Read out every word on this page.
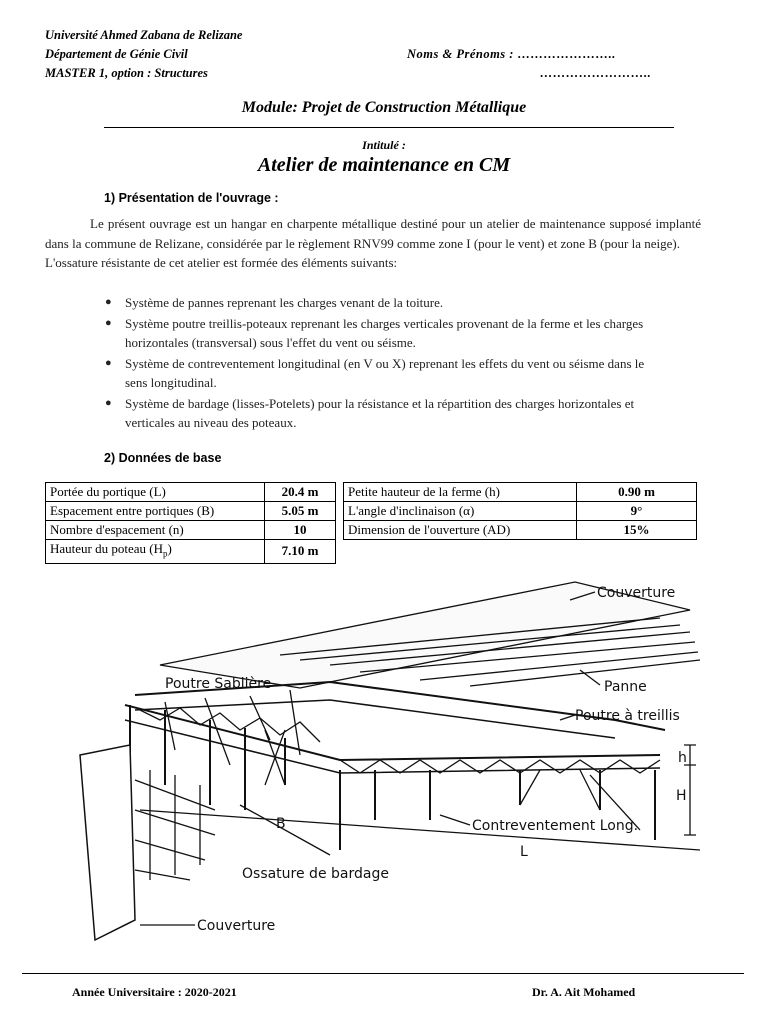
Université Ahmed Zabana de Relizane
Département de Génie Civil
MASTER 1, option : Structures
Noms & Prénoms : …………………..
……………………..
Module: Projet de Construction Métallique
Intitulé :
Atelier de maintenance en CM
1) Présentation de l'ouvrage :

Le présent ouvrage est un hangar en charpente métallique destiné pour un atelier de maintenance supposé implanté dans la commune de Relizane, considérée par le règlement RNV99 comme zone I (pour le vent) et zone B (pour la neige).

L'ossature résistante de cet atelier est formée des éléments suivants:

● Système de pannes reprenant les charges venant de la toiture.
● Système poutre treillis-poteaux reprenant les charges verticales provenant de la ferme et les charges horizontales (transversal) sous l'effet du vent ou séisme.
● Système de contreventement longitudinal (en V ou X) reprenant les effets du vent ou séisme dans le sens longitudinal.
● Système de bardage (lisses-Potelets) pour la résistance et la répartition des charges horizontales et verticales au niveau des poteaux.
2) Données de base
Portée du portique (L)	20.4 m
Espacement entre portiques (B)	5.05 m
Nombre d'espacement (n)	10
Hauteur du poteau $(H_p)$	7.10 m
Petite hauteur de la ferme (h)	0.90 m
L'angle d'inclinaison (α)	9°
Dimension de l'ouverture (AD)	15%
Couverture
Panne
Poutre Sablière
Poutre à treillis
h
H
Contreventement Long.
B
L
Ossature de bardage
Couverture
Année Universitaire : 2020-2021	Dr. A. Ait Mohamed
